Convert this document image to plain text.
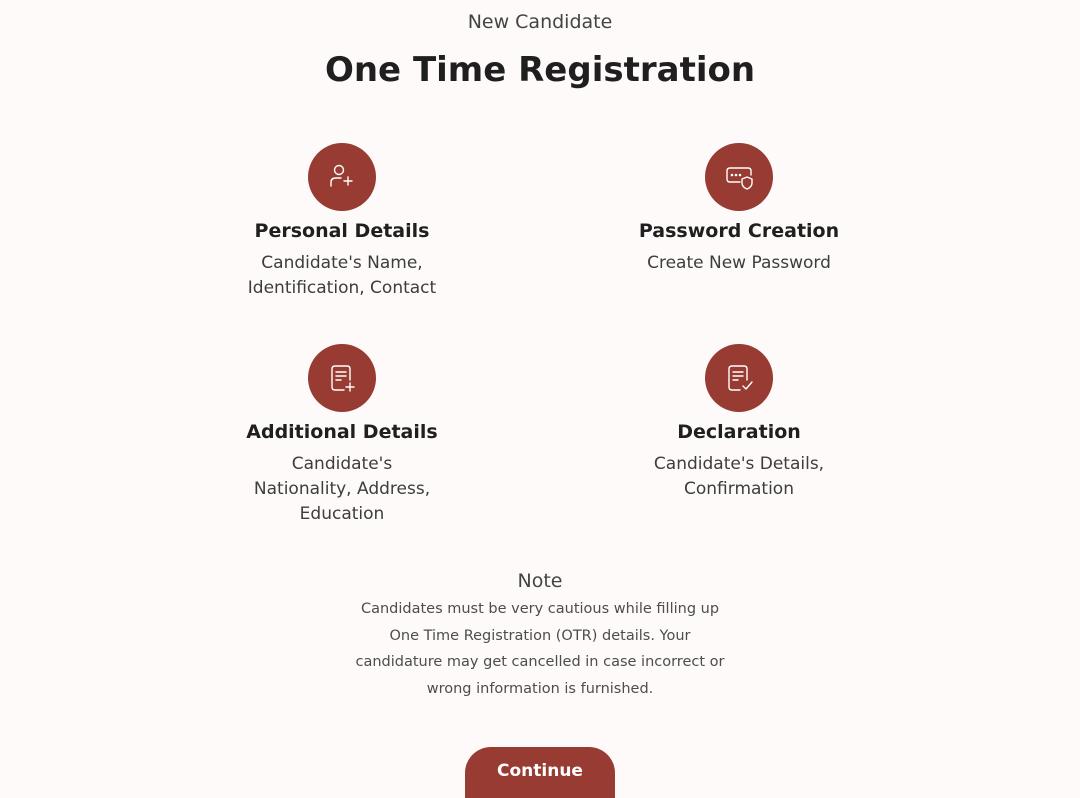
New Candidate
One Time Registration
Personal Details
Candidate's Name,
Identification, Contact
Password Creation
Create New Password
Additional Details
Candidate's
Nationality, Address,
Education
Declaration
Candidate's Details,
Confirmation
Note
Candidates must be very cautious while filling up
One Time Registration (OTR) details. Your
candidature may get cancelled in case incorrect or
wrong information is furnished.
Continue
